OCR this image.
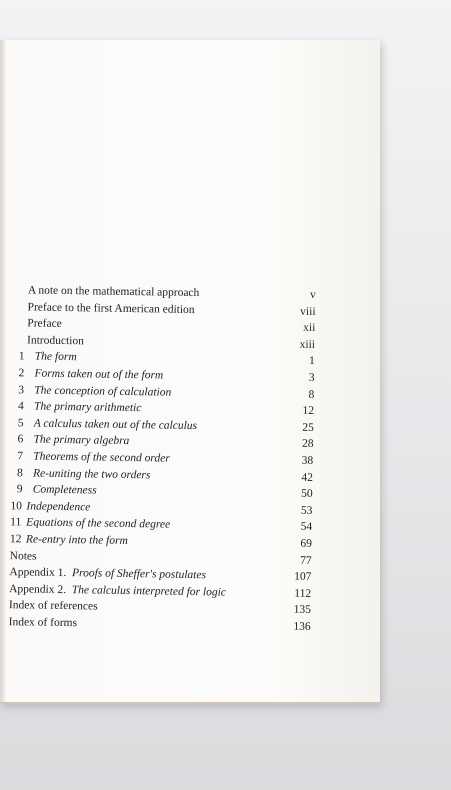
A note on the mathematical approach	v
Preface to the first American edition	viii
Preface	xii
Introduction	xiii
1 The form	1
2 Forms taken out of the form	3
3 The conception of calculation	8
4 The primary arithmetic	12
5 A calculus taken out of the calculus	25
6 The primary algebra	28
7 Theorems of the second order	38
8 Re-uniting the two orders	42
9 Completeness	50
10 Independence	53
11 Equations of the second degree	54
12 Re-entry into the form	69
Notes	77
Appendix 1. Proofs of Sheffer's postulates	107
Appendix 2. The calculus interpreted for logic	112
Index of references	135
Index of forms	136
